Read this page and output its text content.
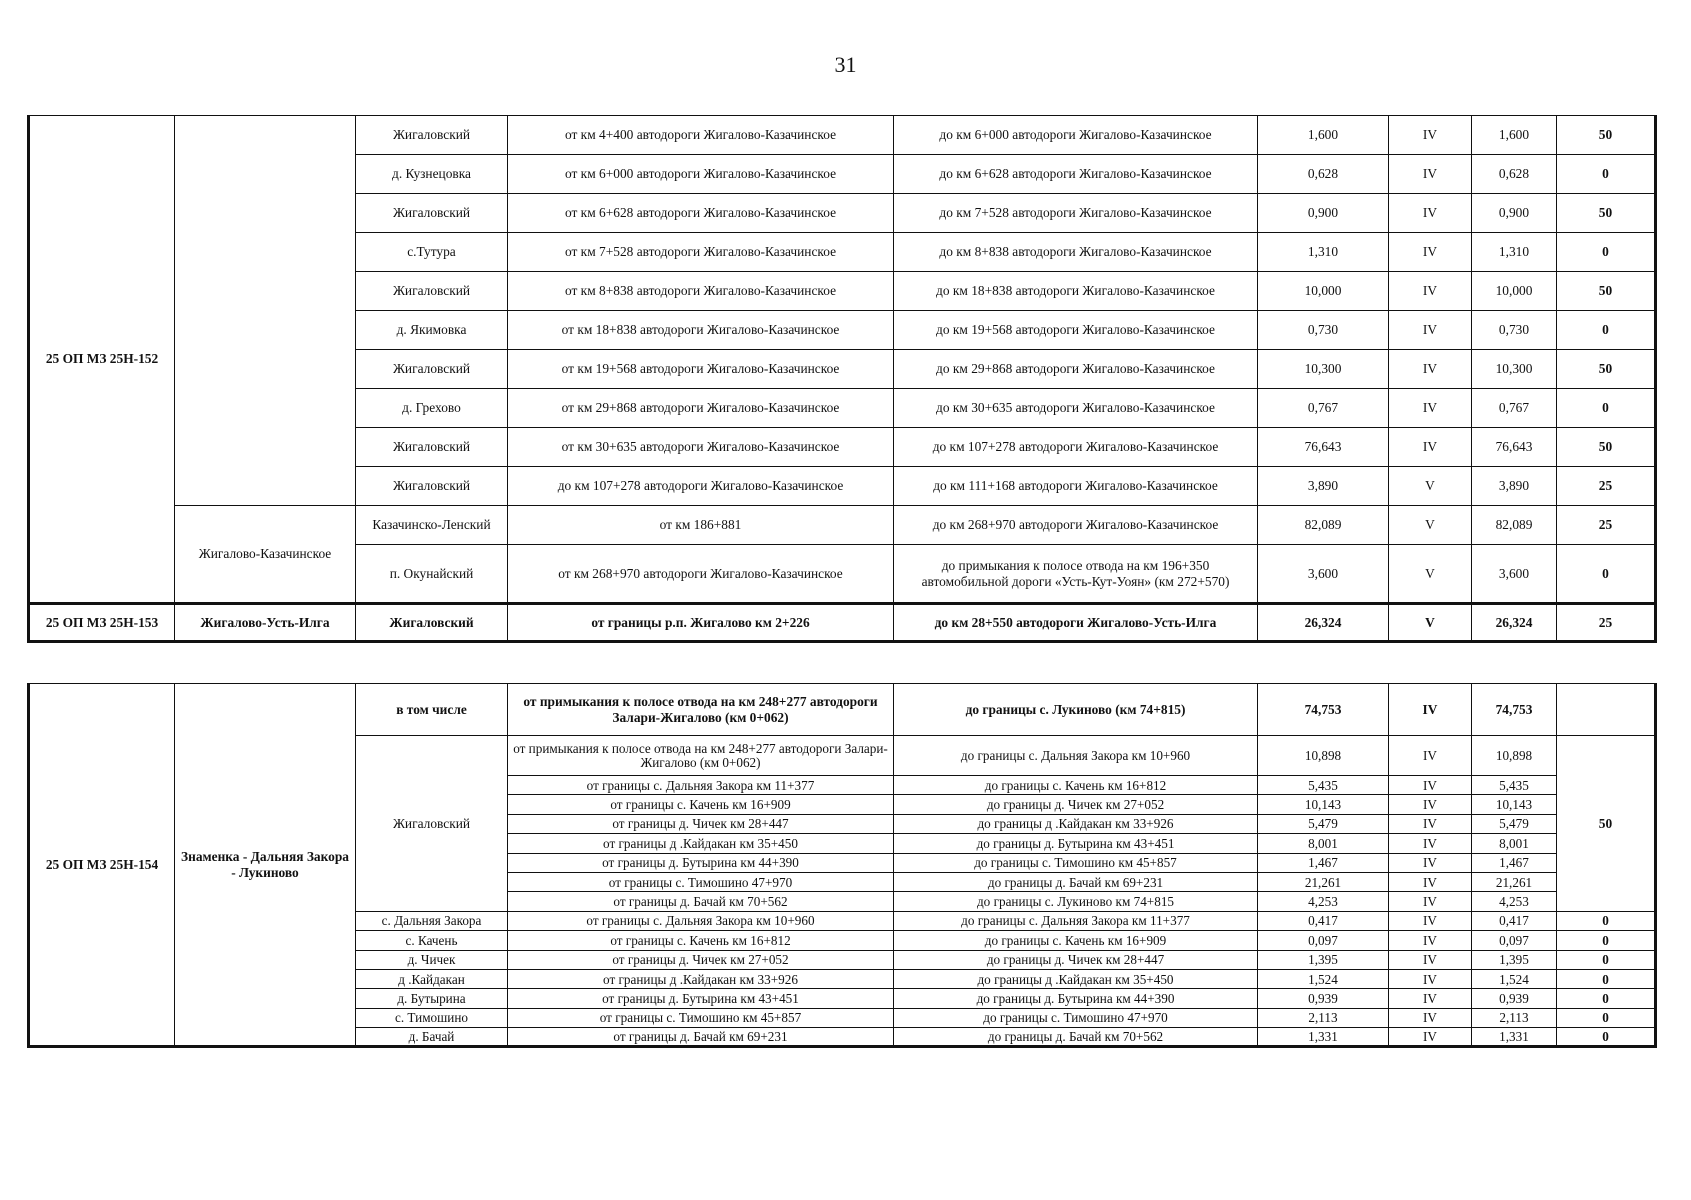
31
25 ОП МЗ 25Н-152		Жигаловский	от км 4+400 автодороги Жигалово-Казачинское	до км 6+000 автодороги Жигалово-Казачинское	1,600	IV	1,600	50
		д. Кузнецовка	от км 6+000 автодороги Жигалово-Казачинское	до км 6+628 автодороги Жигалово-Казачинское	0,628	IV	0,628	0
		Жигаловский	от км 6+628 автодороги Жигалово-Казачинское	до км 7+528 автодороги Жигалово-Казачинское	0,900	IV	0,900	50
		с.Тутура	от км 7+528 автодороги Жигалово-Казачинское	до км 8+838 автодороги Жигалово-Казачинское	1,310	IV	1,310	0
		Жигаловский	от км 8+838 автодороги Жигалово-Казачинское	до км 18+838 автодороги Жигалово-Казачинское	10,000	IV	10,000	50
		д. Якимовка	от км 18+838 автодороги Жигалово-Казачинское	до км 19+568 автодороги Жигалово-Казачинское	0,730	IV	0,730	0
		Жигаловский	от км 19+568 автодороги Жигалово-Казачинское	до км 29+868 автодороги Жигалово-Казачинское	10,300	IV	10,300	50
		д. Грехово	от км 29+868 автодороги Жигалово-Казачинское	до км 30+635 автодороги Жигалово-Казачинское	0,767	IV	0,767	0
		Жигаловский	от км 30+635 автодороги Жигалово-Казачинское	до км 107+278 автодороги Жигалово-Казачинское	76,643	IV	76,643	50
		Жигаловский	до км 107+278 автодороги Жигалово-Казачинское	до км 111+168 автодороги Жигалово-Казачинское	3,890	V	3,890	25
	Жигалово-Казачинское	Казачинско-Ленский	от км 186+881	до км 268+970 автодороги Жигалово-Казачинское	82,089	V	82,089	25
		п. Окунайский	от км 268+970 автодороги Жигалово-Казачинское	до примыкания к полосе отвода на км 196+350 автомобильной дороги «Усть-Кут-Уоян» (км 272+570)	3,600	V	3,600	0
25 ОП МЗ 25Н-153	Жигалово-Усть-Илга	Жигаловский	от границы р.п. Жигалово км 2+226	до км 28+550 автодороги Жигалово-Усть-Илга	26,324	V	26,324	25
25 ОП МЗ 25Н-154	Знаменка - Дальняя Закора - Лукиново	в том числе	от примыкания к полосе отвода на км 248+277 автодороги Залари-Жигалово (км 0+062)	до границы с. Лукиново (км 74+815)	74,753	IV	74,753	
		Жигаловский	от примыкания к полосе отвода на км 248+277 автодороги Залари-Жигалово (км 0+062)	до границы с. Дальняя Закора км 10+960	10,898	IV	10,898	50
			от границы с. Дальняя Закора км 11+377	до границы с. Качень км 16+812	5,435	IV	5,435	
			от границы с. Качень км 16+909	до границы д. Чичек км 27+052	10,143	IV	10,143	
			от границы д. Чичек км 28+447	до границы д .Кайдакан км 33+926	5,479	IV	5,479	
			от границы д .Кайдакан км 35+450	до границы д. Бутырина км 43+451	8,001	IV	8,001	
			от границы д. Бутырина км 44+390	до границы с. Тимошино км 45+857	1,467	IV	1,467	
			от границы с. Тимошино 47+970	до границы д. Бачай км 69+231	21,261	IV	21,261	
			от границы д. Бачай км 70+562	до границы с. Лукиново км 74+815	4,253	IV	4,253	
		с. Дальняя Закора	от границы с. Дальняя Закора км 10+960	до границы с. Дальняя Закора км 11+377	0,417	IV	0,417	0
		с. Качень	от границы с. Качень км 16+812	до границы с. Качень км 16+909	0,097	IV	0,097	0
		д. Чичек	от границы д. Чичек км 27+052	до границы д. Чичек км 28+447	1,395	IV	1,395	0
		д .Кайдакан	от границы д .Кайдакан км 33+926	до границы д .Кайдакан км 35+450	1,524	IV	1,524	0
		д. Бутырина	от границы д. Бутырина км 43+451	до границы д. Бутырина км 44+390	0,939	IV	0,939	0
		с. Тимошино	от границы с. Тимошино км 45+857	до границы с. Тимошино 47+970	2,113	IV	2,113	0
		д. Бачай	от границы д. Бачай км 69+231	до границы д. Бачай км 70+562	1,331	IV	1,331	0
